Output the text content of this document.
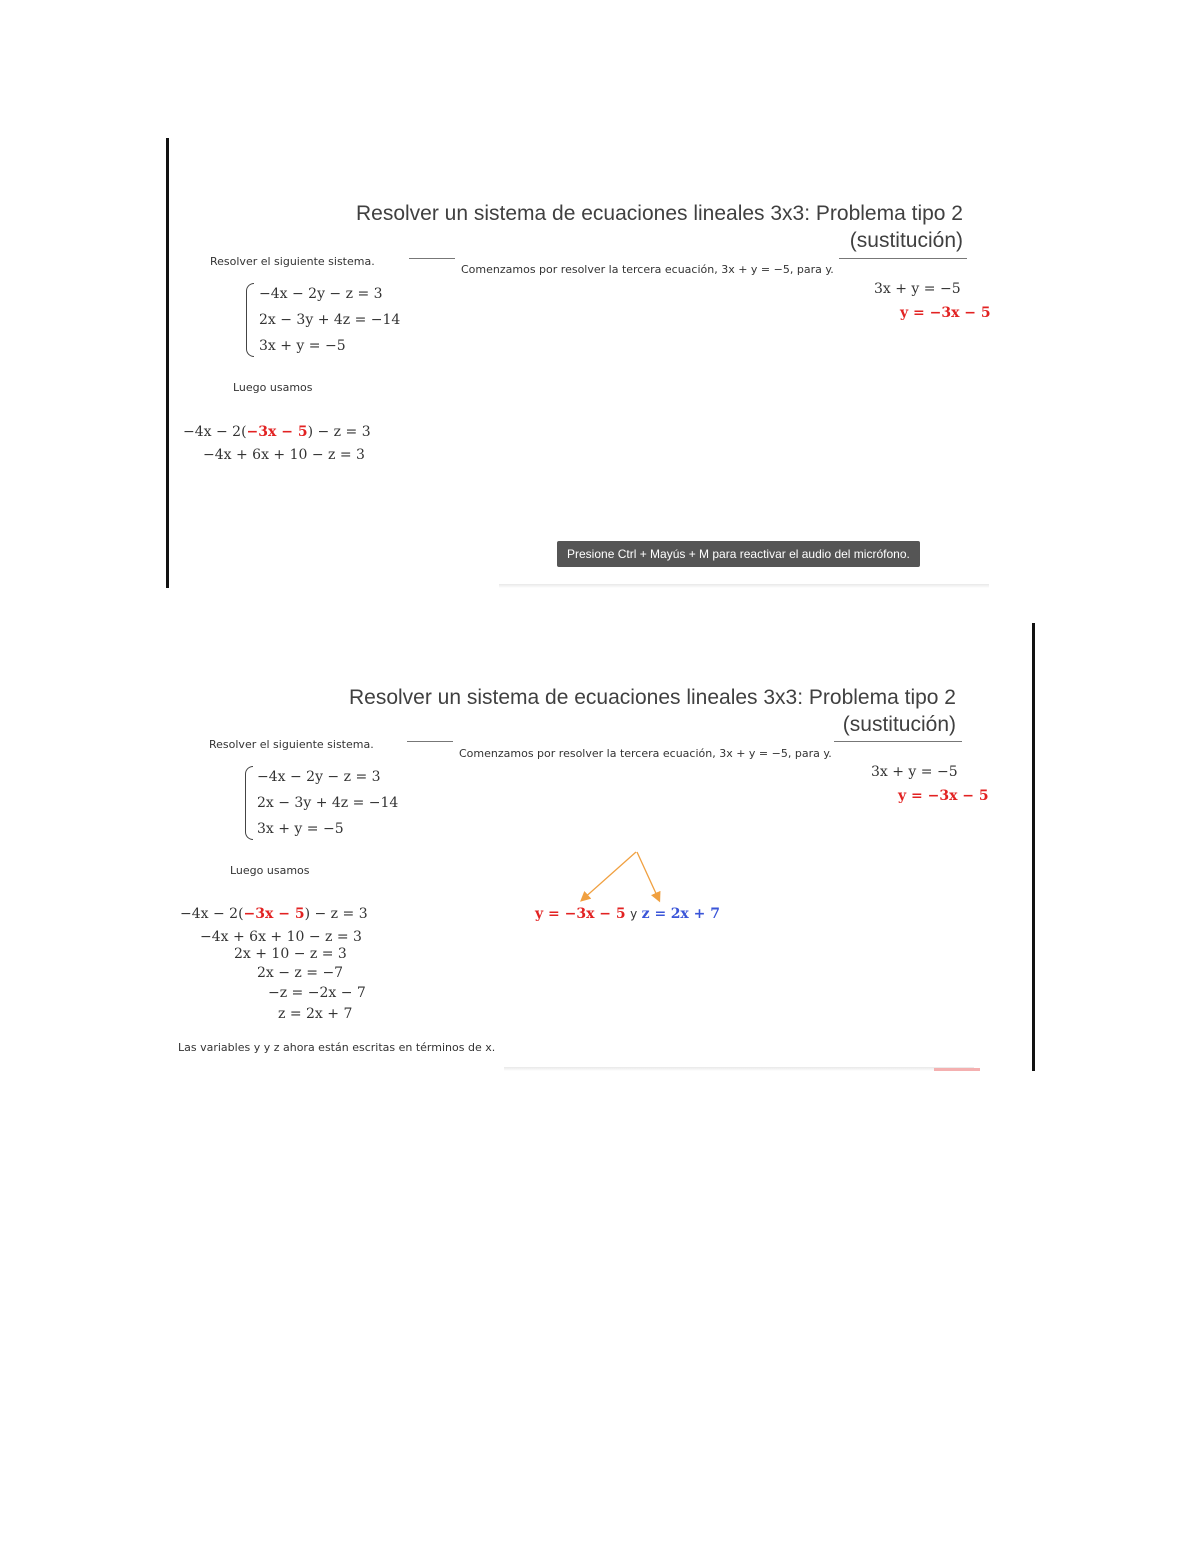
Resolver un sistema de ecuaciones lineales 3x3: Problema tipo 2
(sustitución)
Resolver el siguiente sistema.
−4x − 2y − z = 3
2x − 3y + 4z = −14
3x + y = −5
Comenzamos por resolver la tercera ecuación, 3x + y = −5, para y.
3x + y = −5
y = −3x − 5
Luego usamos
−4x − 2(−3x − 5) − z = 3
−4x + 6x + 10 − z = 3
Presione Ctrl + Mayús + M para reactivar el audio del micrófono.
Resolver un sistema de ecuaciones lineales 3x3: Problema tipo 2
(sustitución)
Resolver el siguiente sistema.
−4x − 2y − z = 3
2x − 3y + 4z = −14
3x + y = −5
Comenzamos por resolver la tercera ecuación, 3x + y = −5, para y.
3x + y = −5
y = −3x − 5
Luego usamos
−4x − 2(−3x − 5) − z = 3
−4x + 6x + 10 − z = 3
2x + 10 − z = 3
2x − z = −7
−z = −2x − 7
z = 2x + 7
y = −3x − 5 y z = 2x + 7
Las variables y y z ahora están escritas en términos de x.
